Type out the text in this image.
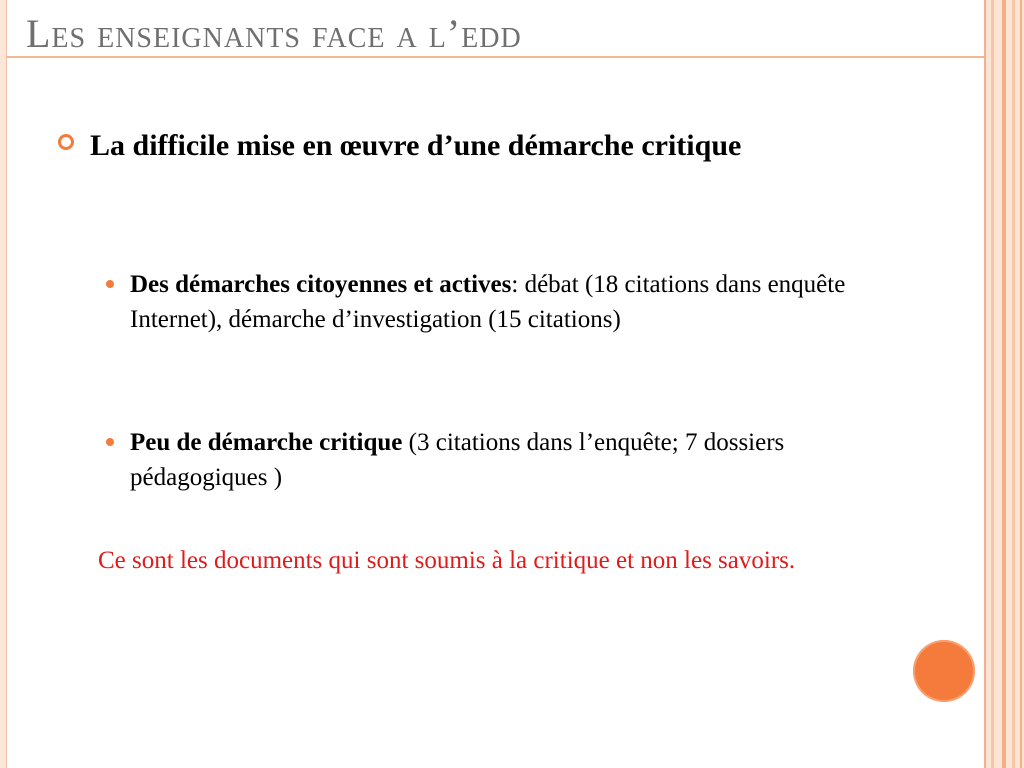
Les enseignants face a l’edd
La difficile mise en œuvre d’une démarche critique
Des démarches citoyennes et actives: débat (18 citations dans enquête Internet), démarche d’investigation (15 citations)
Peu de démarche critique (3 citations dans l’enquête; 7 dossiers pédagogiques )
Ce sont les documents qui sont soumis à la critique et non les savoirs.
